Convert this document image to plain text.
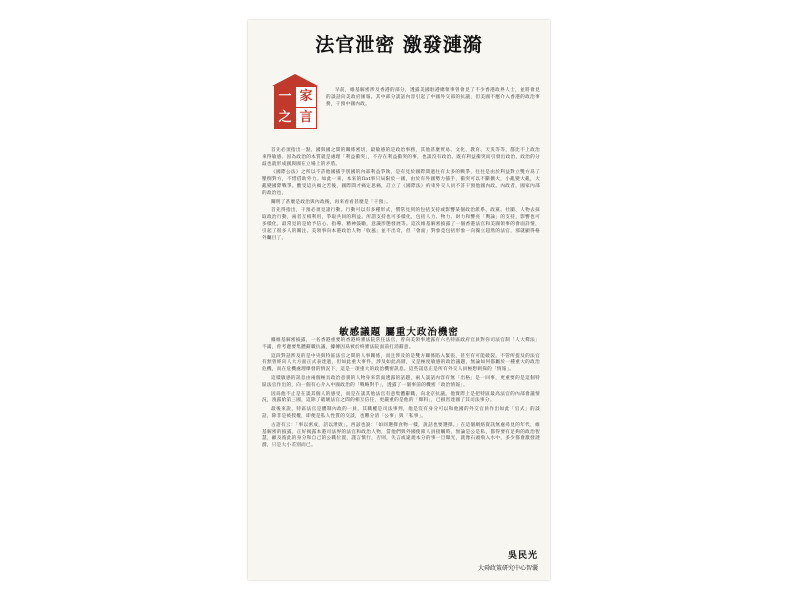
法官泄密 激發漣漪
一 家
之 言

早前，維基解密涉及香港的部分，透露美國駐港總領事曾會見了不少香港政界人士，並將會見的談話向美政府匯報。其中部分談話內容引起了中國外交部的抗議，但美國不應介入香港的政治事務，干預中國內政。

首先必須指出一點，國與國之間的關係密切，最敏感的是政治事務，其他甚麼貿易、文化、教育、天災等等，都比不上政治來得敏感。因為政治的本質就是處理「利益衝突」，不存在利益衝突的事，也談沒有政治。既有利益衝突而引發出政治，政治的分歧也就形成國與國在立場上的矛盾。

《國際公法》之所以不許他國插手別國的內部利益爭執，是有見於國際間過往有太多的戰爭，往往是由於利益對立雙方爲了壓倒對方，不惜借助外力。如此一來，本來的flat事只局限於一國，由於有外國勢力插手，衝突可以不斷擴大，小亂變大亂，大亂變國際戰爭。酸受這兵禍之苦後，國際間才痛定思痛，訂立了《國際法》約束外交人員不許干預他國內政。內政者，國家內部的政治也。

闡明了甚麼是政治與內政後，再來看看甚麼是「干預」。

首先得指出，干預必須見諸行動。行動可以有多種形式，慣常見到的包括支持或影響某個政治派系、政黨、社團、人物去採取政治行動，兩者互相利用，爭取共同的利益。所謂支持也可多樣化，包括人力、物力、財力和響亮「輿論」的支持，影響也可多樣化，最常見的是給予信心、指導、精神鼓勵，意識形態發展等。這次維基解密披露了一個香港法官和美國領事的會面詳情，引起了很多人的關注。美領事向本港政治人物「收風」並不出奇，但「會面」對象竟包括形象一向獨立超然的法官，那就顯得格外矚目了。

敏感議題 屬重大政治機密

據維基解密披露，一名香港重要的香港終審法院常任法官，曾向美領事透露有六名特區政府官員對你司法官制「人大釋法」不滿，曾考慮要集體辭職抗議，據傳因爲被於終審法院面前打消辭意。

這段對話涉及的是中央與特區法官之間的人事關係，而且涉及的是雙方關係陷入緊張，甚至有可能破裂。不管所提及的法官有無曾經向人大方面正式表達過，但如此重大事件，涉及如此高層，又是極度敏感的政治議題，無論如何都屬於一種重大的政治危機，而在危機處理爆發的情況下，這是一項重大的政治機密訊息。這些訊息正是所有外交人員極想刺探的「情報」。

這樣敏感的訊息由兩個極具政治意義的人物身來當面透露的話題，兩人談話內容有無「出格」是一回事，更重要的是這個特區法官作出的，向一個有心介入中國政治的「戰略對手」，透露了一個事前的機密「政治情報」。

因爲他不止是在談其個人的感受，而是在談其他法官有意集體辭職，向北京抗議。他實際上是把特區最高法官的內部會議情況，洩露給第三國，這除了破壞法官之間的相互信任，更嚴重的是他的「爆料」，已損害達國了其司法事分。

最後來說，特區法官是體制內政的一員，其職權是司法事判，他是沒有身分可以和他國的外交官員作出如此「官式」的談話，除非是被授權，即便是私人性質的交談，也難分清「公事」與「私事」。

古語有云：「事以密成，語以泄敗」。西諺也說：「如同選擇食物一樣，說話也要選擇。」在這個網絡資訊無處尋見的年代，維基解密的披露，正好揭露本港司法界的法官和政治人物，當他們與外國使節人員接觸時，無論是公是私，都得要有足夠的政治智慧，顧及彼此的身分和自己的公職位置，謹言慎行，否則，失言或違規本分的事一旦曝光，就像石頭飛入水中，多少都會激發漣漪，只是大小差別而已。

吳民光
大舜政策研究中心智囊
